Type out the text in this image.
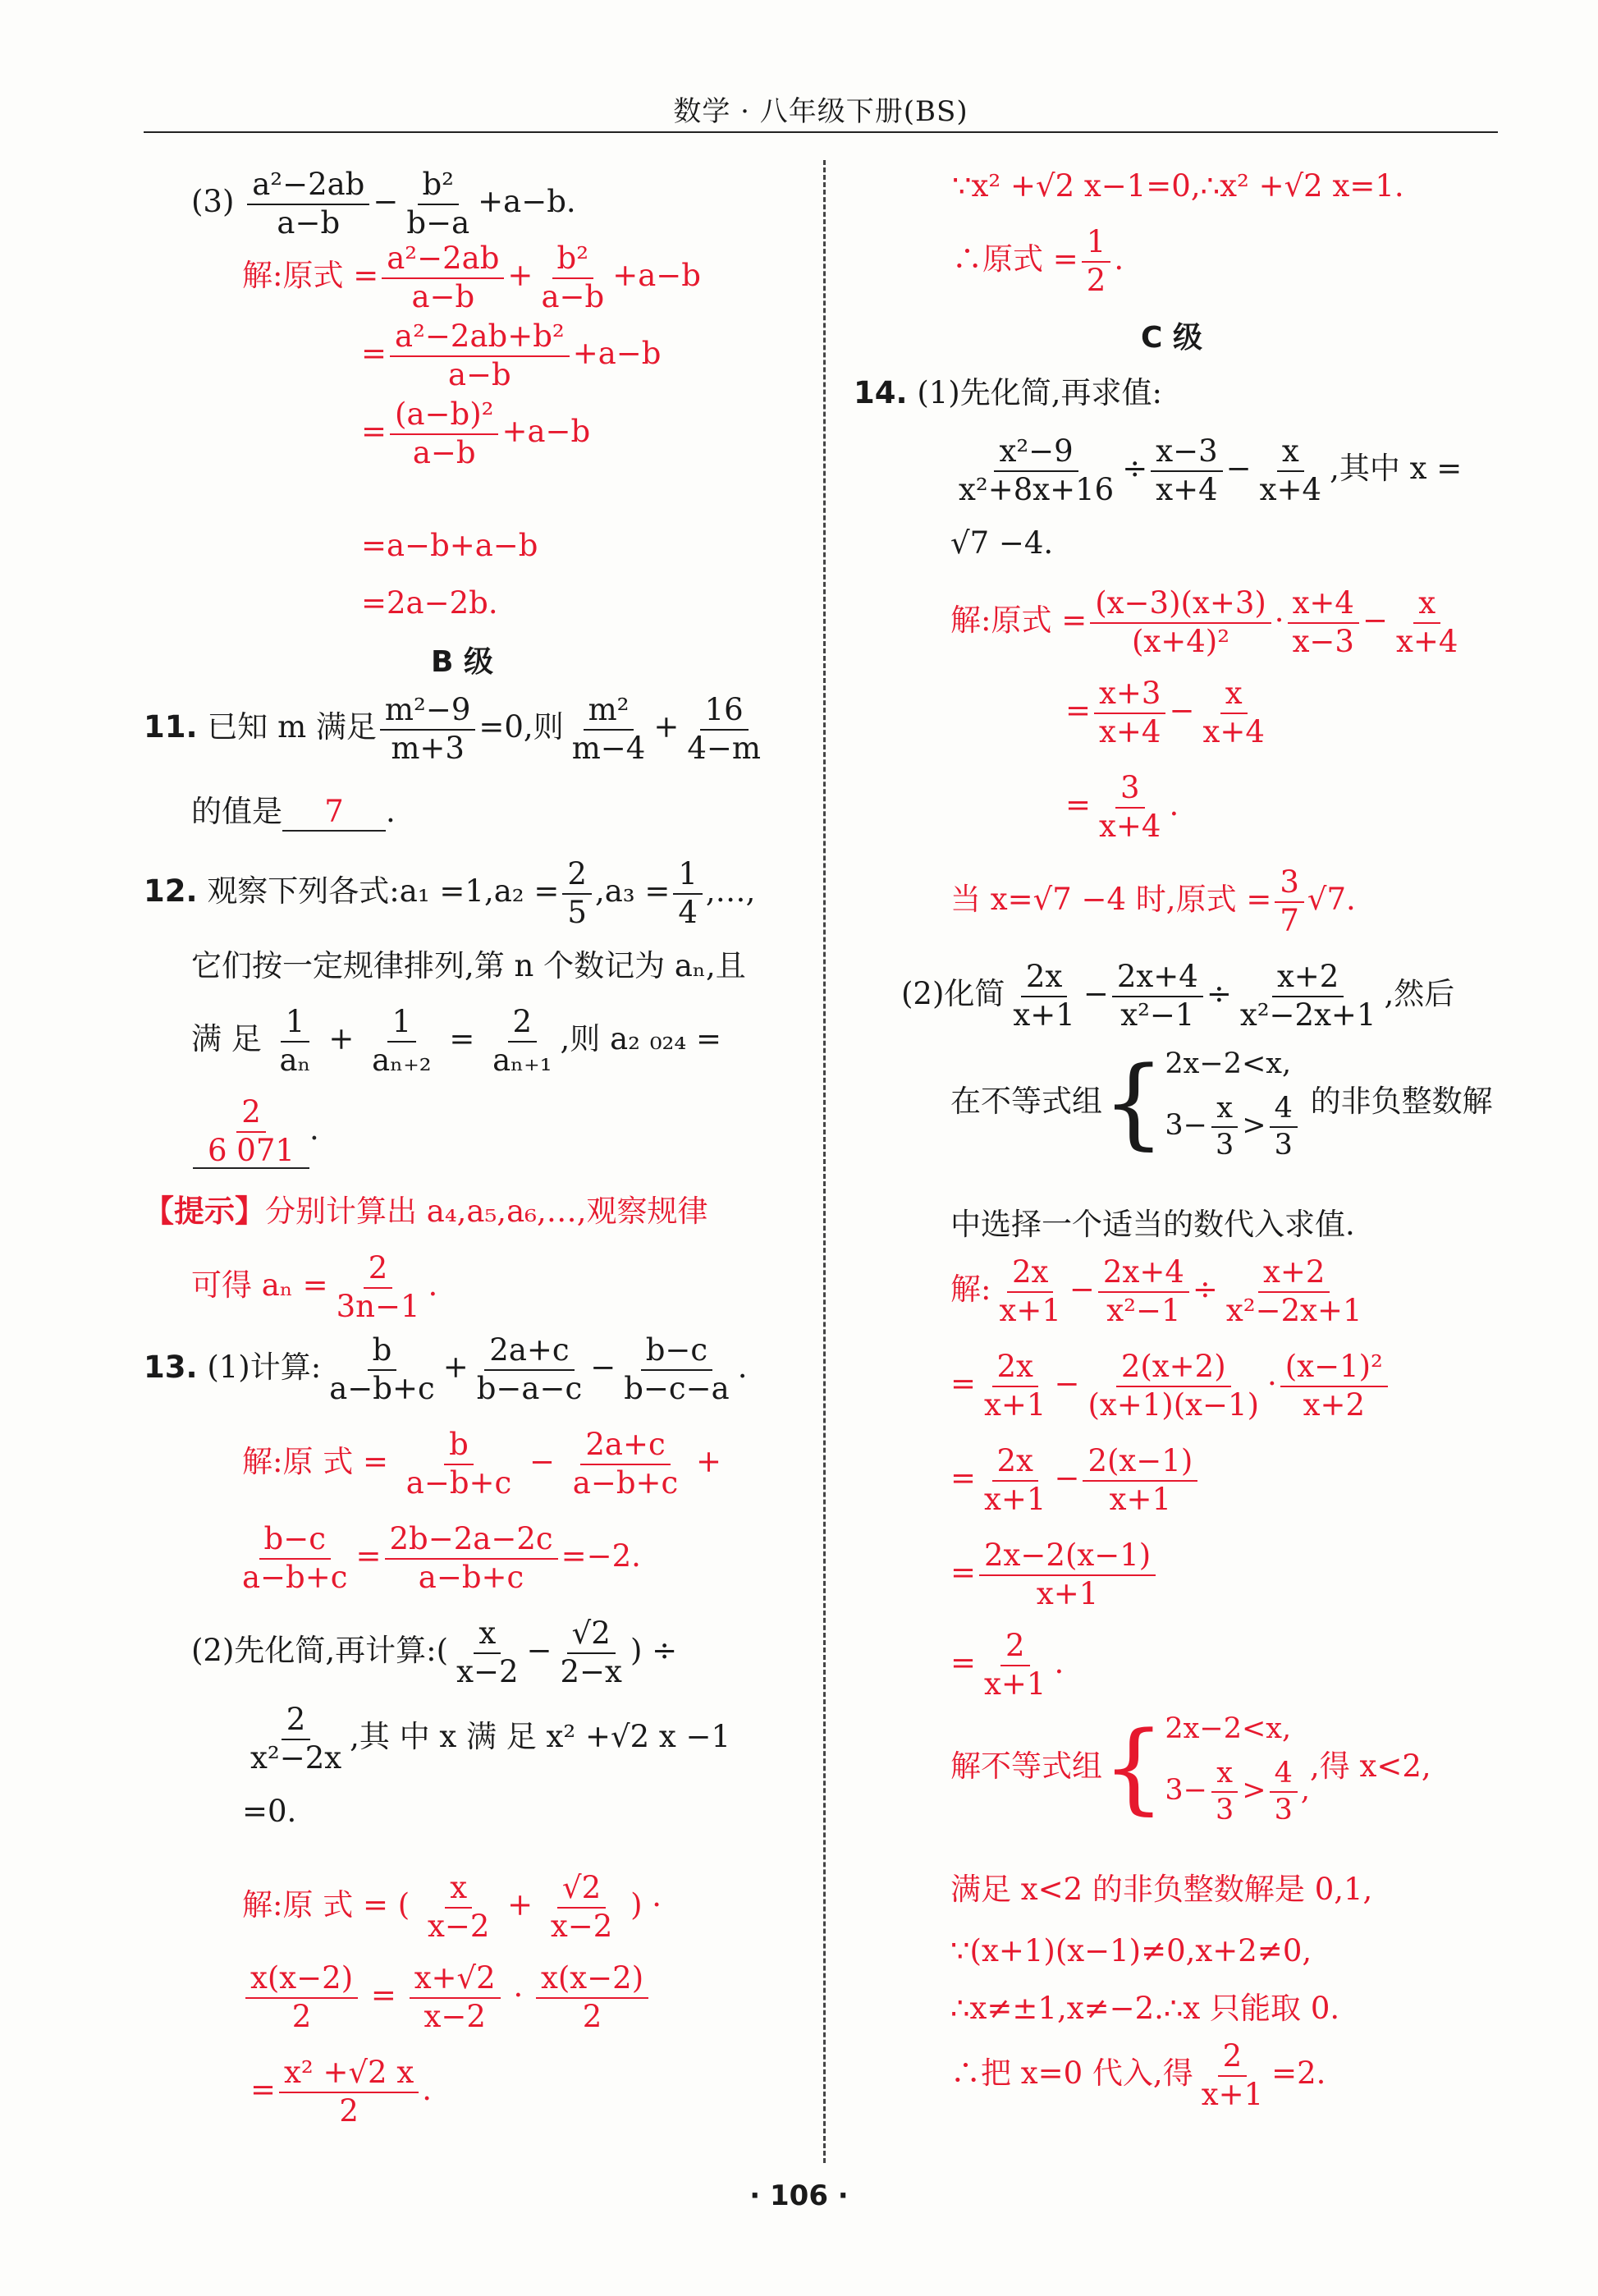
数学 · 八年级下册(BS)
$(3) \frac{\text{a²−2ab}}{a-b} - \frac{\text{b²}}{b-a} +a-b$.
解:原式 = $\frac{\text{a²−2ab}}{a-b} + \frac{\text{b²}}{a-b} +a-b$
= $\frac{\text{a²−2ab+b²}}{a-b} +a-b$
= $\frac{\text{(a−b)²}}{a-b} +a-b$
=a−b+a−b
=2a−2b.
B 级
11. 已知 m 满足 $\frac{\text{m²−9}}{m+3} =0$,则 $\frac{\text{m²}}{m-4} + \frac{16}{4-m}$
的值是 7 .
12. 观察下列各式:a₁ $=1,a_2 = \frac{2}{5} ,a_3 = \frac{1}{4}$ ,…,
它们按一定规律排列,第 n 个数记为 aₙ,且
满 足 $\frac{1}{\text{aₙ}} + \frac{1}{\text{aₙ₊₂}} = \frac{2}{\text{aₙ₊₁}}$ ,则 a₂ ₀₂₄ =
$\frac{2}{6 071}$ .
【提示】分别计算出 a₄,a₅,a₆,…,观察规律
可得 $a_n = \frac{2}{3n-1}$ .
13. (1)计算: $\frac{b}{a-b+c} + \frac{2a+c}{b-a-c} - \frac{b-c}{b-c-a}$ .
解:原 式 = $\frac{b}{a-b+c} - \frac{2a+c}{a-b+c}$ +
$\frac{b-c}{a-b+c} = \frac{2b-2a-2c}{a-b+c} =-2$.
(2)先化简,再计算:( $\frac{x}{x-2} - \frac{√2}{2-x}$ ) ÷
$\frac{2}{\text{x²−2x}}$ ,其 中 x 满 足 x² +√2 x −1
=0.
解:原 式 = ( $\frac{x}{x-2} + \frac{√2}{x-2}$ ) ·
$\frac{x(x-2)}{2} = \frac{x+√2}{x-2} \cdot \frac{x(x-2)}{2}$
= $\frac{\text{x² +√2 x}}{2}$ .
∵x² +√2 x−1=0,∴x² +√2 x=1.
∴原式 = $\frac{1}{2}$ .
C 级
14. (1)先化简,再求值:
$\frac{\text{x²−9}}{\text{x²+8x+16}} \div \frac{x-3}{x+4} - \frac{x}{x+4}$ ,其中 x =
√7 −4.
解:原式 = $\frac{(x-3)(x+3)}{\text{(x+4)²}} \cdot \frac{x+4}{x-3} - \frac{x}{x+4}$
= $\frac{x+3}{x+4} - \frac{x}{x+4}$
= $\frac{3}{x+4}$ .
当 x=√7 −4 时,原式 = $\frac{3}{7} √7$.
(2)化简 $\frac{2x}{x+1} - \frac{2x+4}{\text{x²−1}} \div \frac{x+2}{\text{x²−2x+1}}$ ,然后
在不等式组{ 2x−2<x,
$3- \frac{x}{3} > \frac{4}{3}$ 的非负整数解
中选择一个适当的数代入求值.
解: $\frac{2x}{x+1} - \frac{2x+4}{\text{x²−1}} \div \frac{x+2}{\text{x²−2x+1}}$
= $\frac{2x}{x+1} - \frac{2(x+2)}{(x+1)(x-1)} \cdot \frac{\text{(x−1)²}}{x+2}$
= $\frac{2x}{x+1} - \frac{2(x-1)}{x+1}$
= $\frac{2x-2(x-1)}{x+1}$
= $\frac{2}{x+1}$ .
解不等式组{ 2x−2<x,
$3- \frac{x}{3} > \frac{4}{3}$ ,
,得 x<2,
满足 x<2 的非负整数解是 0,1,
∵(x+1)(x−1)≠0,x+2≠0,
∴x≠±1,x≠−2.∴x 只能取 0.
∴把 x=0 代入,得 $\frac{2}{x+1} =2$.
· 106 ·
